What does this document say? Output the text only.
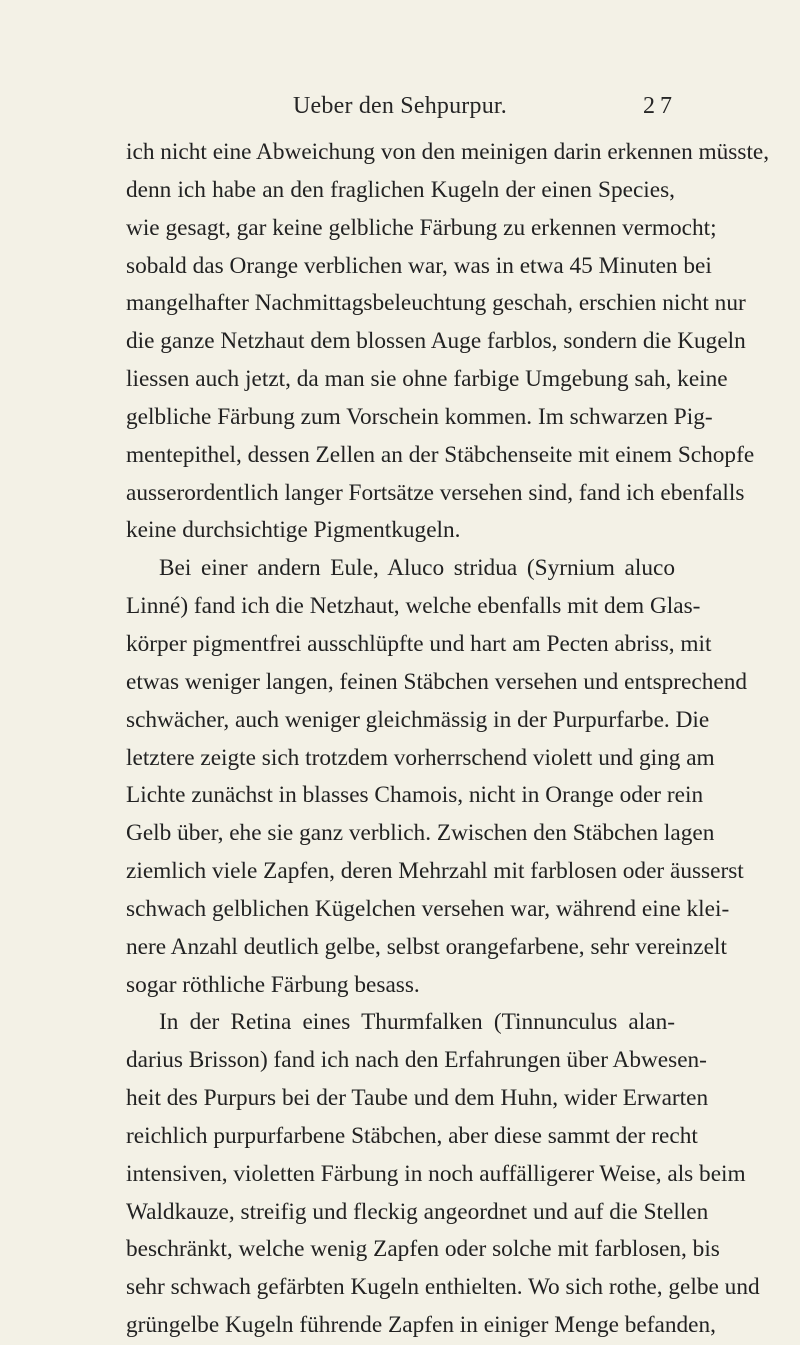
Ueber den Sehpurpur.	27
ich nicht eine Abweichung von den meinigen darin erkennen müsste,
denn ich habe an den fraglichen Kugeln der einen Species,
wie gesagt, gar keine gelbliche Färbung zu erkennen vermocht;
sobald das Orange verblichen war, was in etwa 45 Minuten bei
mangelhafter Nachmittagsbeleuchtung geschah, erschien nicht nur
die ganze Netzhaut dem blossen Auge farblos, sondern die Kugeln
liessen auch jetzt, da man sie ohne farbige Umgebung sah, keine
gelbliche Färbung zum Vorschein kommen. Im schwarzen Pig-
mentepithel, dessen Zellen an der Stäbchenseite mit einem Schopfe
ausserordentlich langer Fortsätze versehen sind, fand ich ebenfalls
keine durchsichtige Pigmentkugeln.
Bei einer andern Eule, Aluco stridua (Syrnium aluco
Linné) fand ich die Netzhaut, welche ebenfalls mit dem Glas-
körper pigmentfrei ausschlüpfte und hart am Pecten abriss, mit
etwas weniger langen, feinen Stäbchen versehen und entsprechend
schwächer, auch weniger gleichmässig in der Purpurfarbe. Die
letztere zeigte sich trotzdem vorherrschend violett und ging am
Lichte zunächst in blasses Chamois, nicht in Orange oder rein
Gelb über, ehe sie ganz verblich. Zwischen den Stäbchen lagen
ziemlich viele Zapfen, deren Mehrzahl mit farblosen oder äusserst
schwach gelblichen Kügelchen versehen war, während eine klei-
nere Anzahl deutlich gelbe, selbst orangefarbene, sehr vereinzelt
sogar röthliche Färbung besass.
In der Retina eines Thurmfalken (Tinnunculus alan-
darius Brisson) fand ich nach den Erfahrungen über Abwesen-
heit des Purpurs bei der Taube und dem Huhn, wider Erwarten
reichlich purpurfarbene Stäbchen, aber diese sammt der recht
intensiven, violetten Färbung in noch auffälligerer Weise, als beim
Waldkauze, streifig und fleckig angeordnet und auf die Stellen
beschränkt, welche wenig Zapfen oder solche mit farblosen, bis
sehr schwach gefärbten Kugeln enthielten. Wo sich rothe, gelbe und
grüngelbe Kugeln führende Zapfen in einiger Menge befanden,
